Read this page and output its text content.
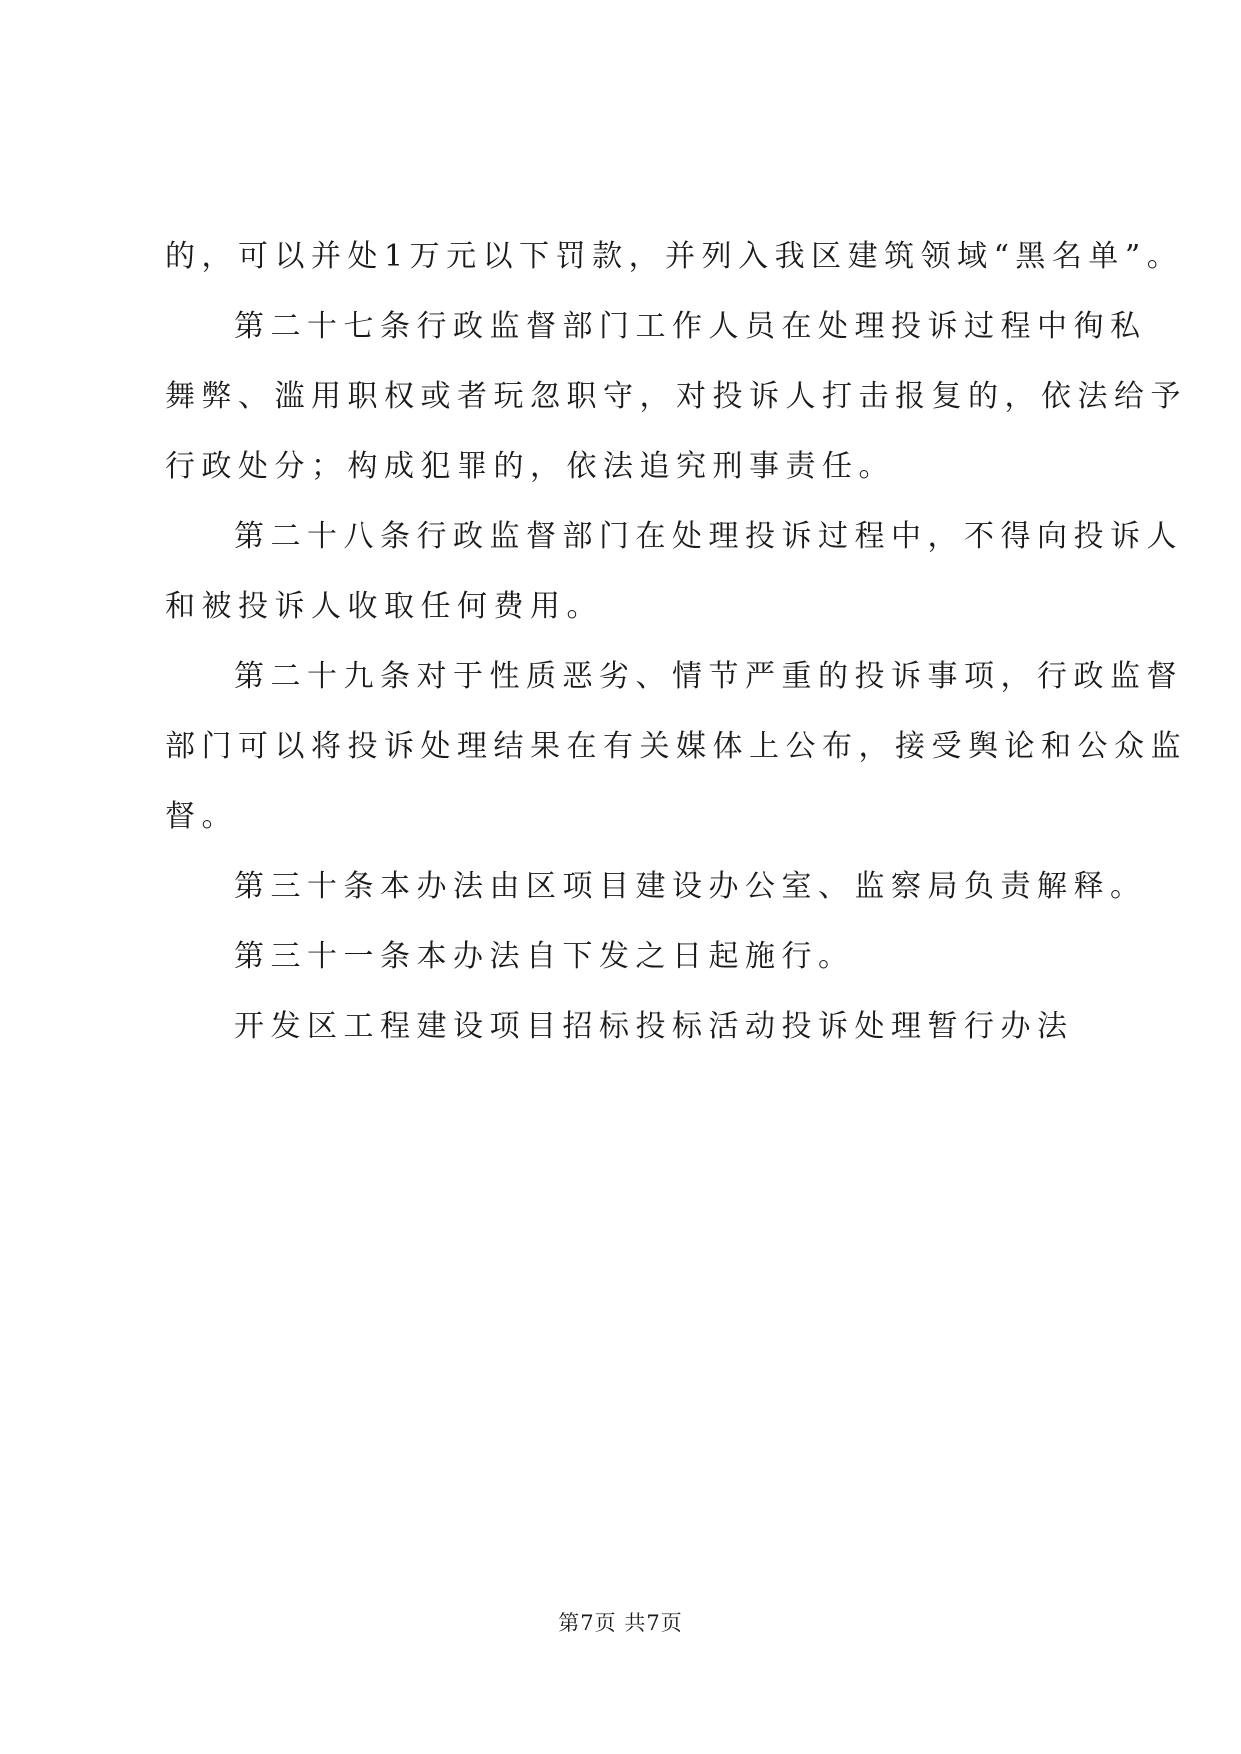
的，可以并处1万元以下罚款，并列入我区建筑领域“黑名单”。
第二十七条行政监督部门工作人员在处理投诉过程中徇私
舞弊、滥用职权或者玩忽职守，对投诉人打击报复的，依法给予
行政处分；构成犯罪的，依法追究刑事责任。
第二十八条行政监督部门在处理投诉过程中，不得向投诉人
和被投诉人收取任何费用。
第二十九条对于性质恶劣、情节严重的投诉事项，行政监督
部门可以将投诉处理结果在有关媒体上公布，接受舆论和公众监
督。
第三十条本办法由区项目建设办公室、监察局负责解释。
第三十一条本办法自下发之日起施行。
开发区工程建设项目招标投标活动投诉处理暂行办法
第7页 共7页
